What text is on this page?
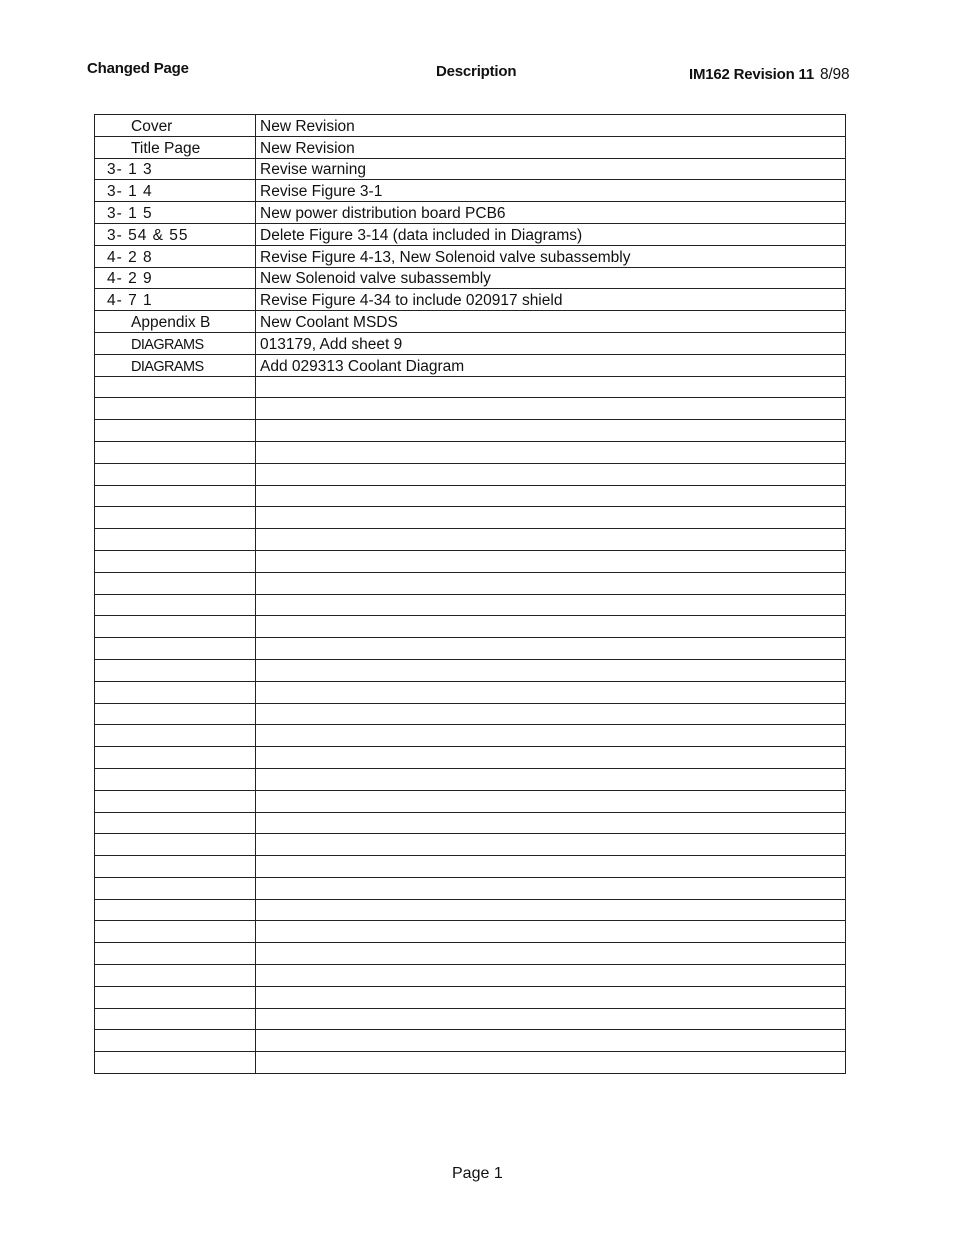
Changed Page	Description	IM162 Revision 11 8/98
Cover	New Revision
Title Page	New Revision
3- 1 3	Revise warning
3- 1 4	Revise Figure 3-1
3- 1 5	New power distribution board PCB6
3- 54 & 55	Delete Figure 3-14 (data included in Diagrams)
4- 2 8	Revise Figure 4-13, New Solenoid valve subassembly
4- 2 9	New Solenoid valve subassembly
4- 7 1	Revise Figure 4-34 to include 020917 shield
Appendix B	New Coolant MSDS
DIAGRAMS	013179, Add sheet 9
DIAGRAMS	Add 029313 Coolant Diagram

Page 1
